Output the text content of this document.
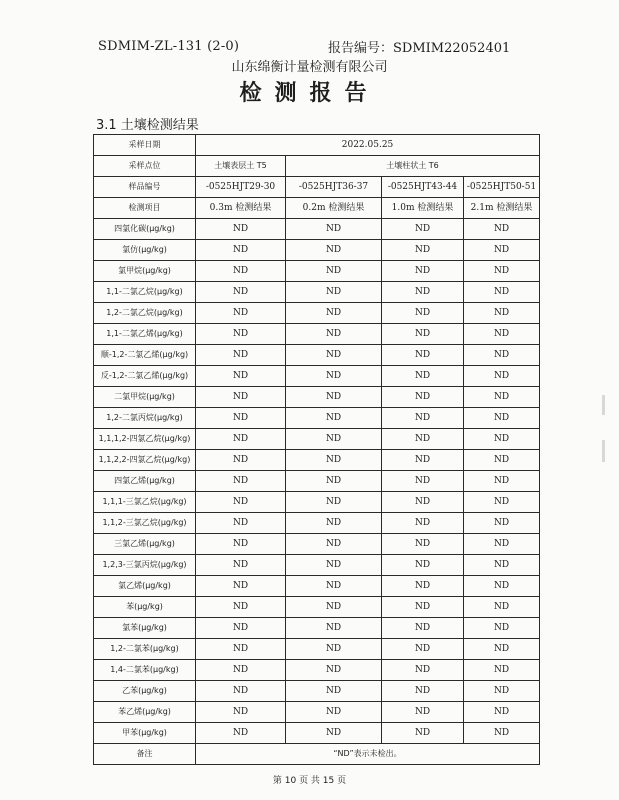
SDMIM-ZL-131 (2-0)	报告编号：SDMIM22052401
山东绵衡计量检测有限公司
检测报告
3.1 土壤检测结果
采样日期	2022.05.25			
采样点位	土壤表层土 T5	土壤柱状土 T6		
样品编号	-0525HJT29-30	-0525HJT36-37	-0525HJT43-44	-0525HJT50-51
检测项目	0.3m 检测结果	0.2m 检测结果	1.0m 检测结果	2.1m 检测结果
四氯化碳(μg/kg)	ND	ND	ND	ND
氯仿(μg/kg)	ND	ND	ND	ND
氯甲烷(μg/kg)	ND	ND	ND	ND
1,1-二氯乙烷(μg/kg)	ND	ND	ND	ND
1,2-二氯乙烷(μg/kg)	ND	ND	ND	ND
1,1-二氯乙烯(μg/kg)	ND	ND	ND	ND
顺-1,2-二氯乙烯(μg/kg)	ND	ND	ND	ND
反-1,2-二氯乙烯(μg/kg)	ND	ND	ND	ND
二氯甲烷(μg/kg)	ND	ND	ND	ND
1,2-二氯丙烷(μg/kg)	ND	ND	ND	ND
1,1,1,2-四氯乙烷(μg/kg)	ND	ND	ND	ND
1,1,2,2-四氯乙烷(μg/kg)	ND	ND	ND	ND
四氯乙烯(μg/kg)	ND	ND	ND	ND
1,1,1-三氯乙烷(μg/kg)	ND	ND	ND	ND
1,1,2-三氯乙烷(μg/kg)	ND	ND	ND	ND
三氯乙烯(μg/kg)	ND	ND	ND	ND
1,2,3-三氯丙烷(μg/kg)	ND	ND	ND	ND
氯乙烯(μg/kg)	ND	ND	ND	ND
苯(μg/kg)	ND	ND	ND	ND
氯苯(μg/kg)	ND	ND	ND	ND
1,2-二氯苯(μg/kg)	ND	ND	ND	ND
1,4-二氯苯(μg/kg)	ND	ND	ND	ND
乙苯(μg/kg)	ND	ND	ND	ND
苯乙烯(μg/kg)	ND	ND	ND	ND
甲苯(μg/kg)	ND	ND	ND	ND
备注	“ND”表示未检出。			
第 10 页 共 15 页
